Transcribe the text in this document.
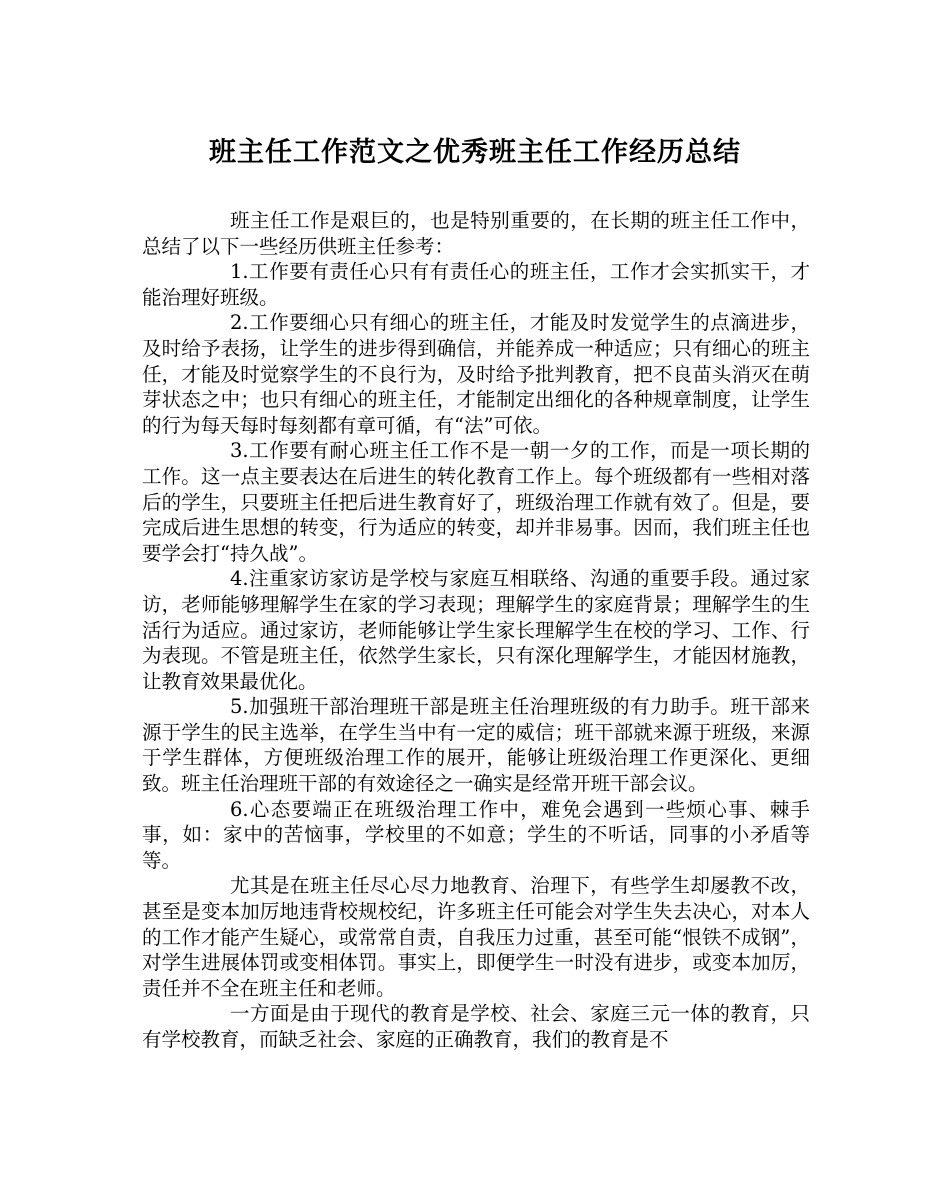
班主任工作范文之优秀班主任工作经历总结

班主任工作是艰巨的，也是特别重要的，在长期的班主任工作中，总结了以下一些经历供班主任参考：

1.工作要有责任心只有有责任心的班主任，工作才会实抓实干，才能治理好班级。

2.工作要细心只有细心的班主任，才能及时发觉学生的点滴进步，及时给予表扬，让学生的进步得到确信，并能养成一种适应；只有细心的班主任，才能及时觉察学生的不良行为，及时给予批判教育，把不良苗头消灭在萌芽状态之中；也只有细心的班主任，才能制定出细化的各种规章制度，让学生的行为每天每时每刻都有章可循，有“法”可依。

3.工作要有耐心班主任工作不是一朝一夕的工作，而是一项长期的工作。这一点主要表达在后进生的转化教育工作上。每个班级都有一些相对落后的学生，只要班主任把后进生教育好了，班级治理工作就有效了。但是，要完成后进生思想的转变，行为适应的转变，却并非易事。因而，我们班主任也要学会打“持久战”。

4.注重家访家访是学校与家庭互相联络、沟通的重要手段。通过家访，老师能够理解学生在家的学习表现；理解学生的家庭背景；理解学生的生活行为适应。通过家访，老师能够让学生家长理解学生在校的学习、工作、行为表现。不管是班主任，依然学生家长，只有深化理解学生，才能因材施教，让教育效果最优化。

5.加强班干部治理班干部是班主任治理班级的有力助手。班干部来源于学生的民主选举，在学生当中有一定的威信；班干部就来源于班级，来源于学生群体，方便班级治理工作的展开，能够让班级治理工作更深化、更细致。班主任治理班干部的有效途径之一确实是经常开班干部会议。

6.心态要端正在班级治理工作中，难免会遇到一些烦心事、棘手事，如：家中的苦恼事，学校里的不如意；学生的不听话，同事的小矛盾等等。

尤其是在班主任尽心尽力地教育、治理下，有些学生却屡教不改，甚至是变本加厉地违背校规校纪，许多班主任可能会对学生失去决心，对本人的工作才能产生疑心，或常常自责，自我压力过重，甚至可能“恨铁不成钢”，对学生进展体罚或变相体罚。事实上，即便学生一时没有进步，或变本加厉，责任并不全在班主任和老师。

一方面是由于现代的教育是学校、社会、家庭三元一体的教育，只有学校教育，而缺乏社会、家庭的正确教育，我们的教育是不
